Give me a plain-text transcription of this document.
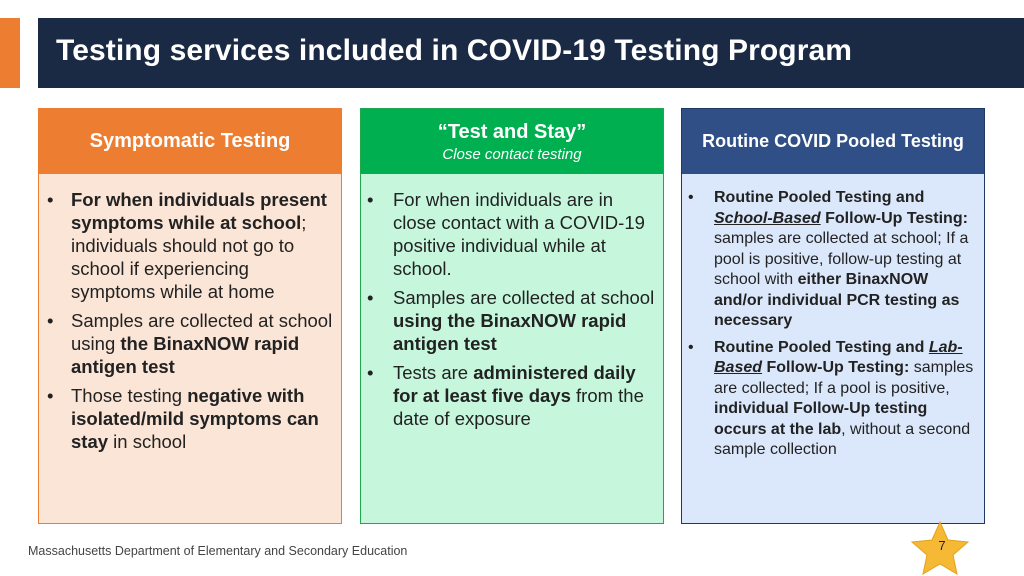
Testing services included in COVID-19 Testing Program
Symptomatic Testing
• For when individuals present symptoms while at school; individuals should not go to school if experiencing symptoms while at home
• Samples are collected at school using the BinaxNOW rapid antigen test
• Those testing negative with isolated/mild symptoms can stay in school
“Test and Stay”
Close contact testing
• For when individuals are in close contact with a COVID-19 positive individual while at school.
• Samples are collected at school using the BinaxNOW rapid antigen test
• Tests are administered daily for at least five days from the date of exposure
Routine COVID Pooled Testing
• Routine Pooled Testing and School-Based Follow-Up Testing: samples are collected at school; If a pool is positive, follow-up testing at school with either BinaxNOW and/or individual PCR testing as necessary
• Routine Pooled Testing and Lab-Based Follow-Up Testing: samples are collected; If a pool is positive, individual Follow-Up testing occurs at the lab, without a second sample collection
Massachusetts Department of Elementary and Secondary Education	7
